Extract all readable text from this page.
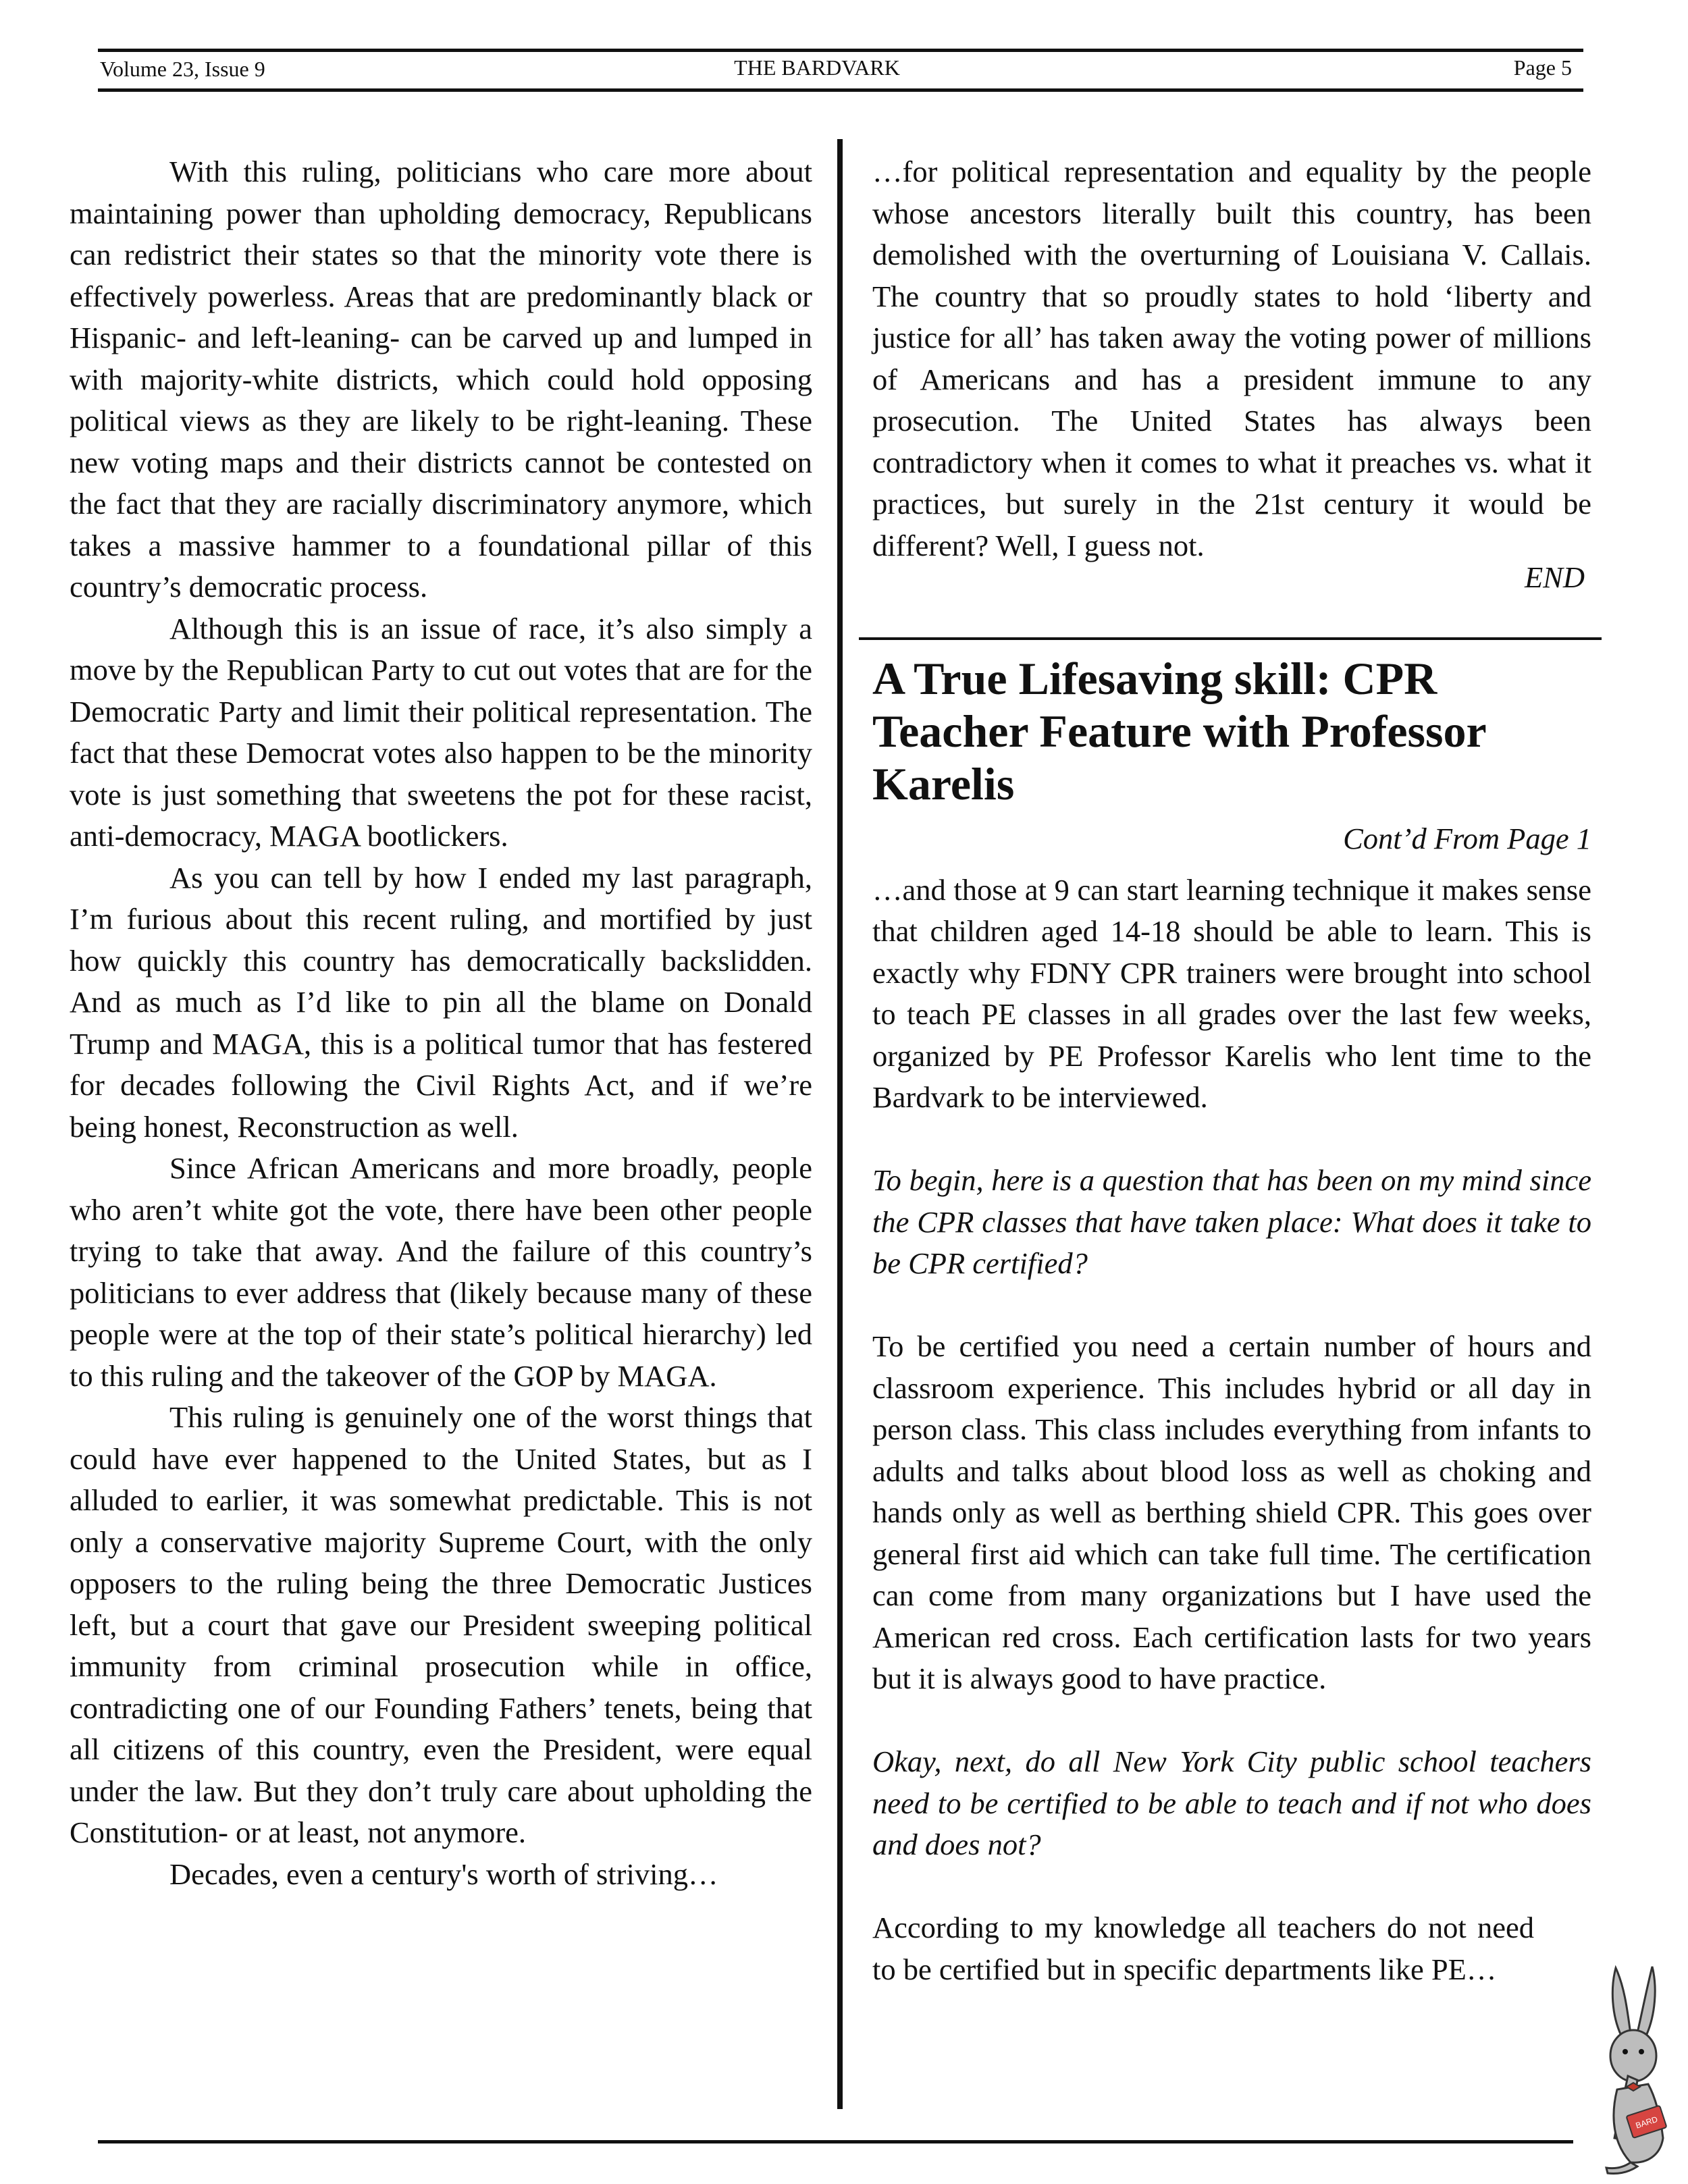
Volume 23, Issue 9	THE BARDVARK	Page 5

With this ruling, politicians who care more about maintaining power than upholding democracy, Republicans can redistrict their states so that the minority vote there is effectively powerless. Areas that are predominantly black or Hispanic- and left-leaning- can be carved up and lumped in with majority-white districts, which could hold opposing political views as they are likely to be right-leaning. These new voting maps and their districts cannot be contested on the fact that they are racially discriminatory anymore, which takes a massive hammer to a foundational pillar of this country’s democratic process.

Although this is an issue of race, it’s also simply a move by the Republican Party to cut out votes that are for the Democratic Party and limit their political representation. The fact that these Democrat votes also happen to be the minority vote is just something that sweetens the pot for these racist, anti-democracy, MAGA bootlickers.

As you can tell by how I ended my last paragraph, I’m furious about this recent ruling, and mortified by just how quickly this country has democratically backslidden. And as much as I’d like to pin all the blame on Donald Trump and MAGA, this is a political tumor that has festered for decades following the Civil Rights Act, and if we’re being honest, Reconstruction as well.

Since African Americans and more broadly, people who aren’t white got the vote, there have been other people trying to take that away. And the failure of this country’s politicians to ever address that (likely because many of these people were at the top of their state’s political hierarchy) led to this ruling and the takeover of the GOP by MAGA.

This ruling is genuinely one of the worst things that could have ever happened to the United States, but as I alluded to earlier, it was somewhat predictable. This is not only a conservative majority Supreme Court, with the only opposers to the ruling being the three Democratic Justices left, but a court that gave our President sweeping political immunity from criminal prosecution while in office, contradicting one of our Founding Fathers’ tenets, being that all citizens of this country, even the President, were equal under the law. But they don’t truly care about upholding the Constitution- or at least, not anymore.

Decades, even a century's worth of striving…

…for political representation and equality by the people whose ancestors literally built this country, has been demolished with the overturning of Louisiana V. Callais. The country that so proudly states to hold ‘liberty and justice for all’ has taken away the voting power of millions of Americans and has a president immune to any prosecution. The United States has always been contradictory when it comes to what it preaches vs. what it practices, but surely in the 21st century it would be different? Well, I guess not.

END
A True Lifesaving skill: CPR Teacher Feature with Professor Karelis
Cont’d From Page 1

…and those at 9 can start learning technique it makes sense that children aged 14-18 should be able to learn. This is exactly why FDNY CPR trainers were brought into school to teach PE classes in all grades over the last few weeks, organized by PE Professor Karelis who lent time to the Bardvark to be interviewed.

To begin, here is a question that has been on my mind since the CPR classes that have taken place: What does it take to be CPR certified?

To be certified you need a certain number of hours and classroom experience. This includes hybrid or all day in person class. This class includes everything from infants to adults and talks about blood loss as well as choking and hands only as well as berthing shield CPR. This goes over general first aid which can take full time. The certification can come from many organizations but I have used the American red cross. Each certification lasts for two years but it is always good to have practice.

Okay, next, do all New York City public school teachers need to be certified to be able to teach and if not who does and does not?

According to my knowledge all teachers do not need to be certified but in specific departments like PE…

BARD
